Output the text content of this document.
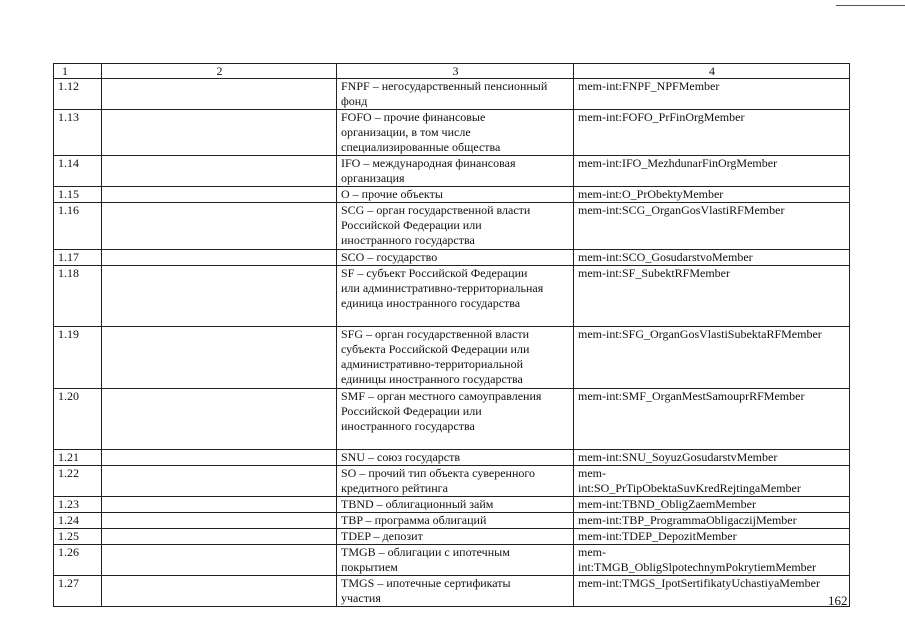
1	2	3	4
1.12		FNPF – негосударственный пенсионный
фонд	mem-int:FNPF_NPFMember
1.13		FOFO – прочие финансовые
организации, в том числе
специализированные общества	mem-int:FOFO_PrFinOrgMember
1.14		IFO – международная финансовая
организация	mem-int:IFO_MezhdunarFinOrgMember
1.15		O – прочие объекты	mem-int:O_PrObektyMember
1.16		SCG – орган государственной власти
Российской Федерации или
иностранного государства	mem-int:SCG_OrganGosVlastiRFMember
1.17		SCO – государство	mem-int:SCO_GosudarstvoMember
1.18		SF – субъект Российской Федерации
или административно-территориальная
единица иностранного государства	mem-int:SF_SubektRFMember
1.19		SFG – орган государственной власти
субъекта Российской Федерации или
административно-территориальной
единицы иностранного государства	mem-int:SFG_OrganGosVlastiSubektaRFMember
1.20		SMF – орган местного самоуправления
Российской Федерации или
иностранного государства	mem-int:SMF_OrganMestSamouprRFMember
1.21		SNU – союз государств	mem-int:SNU_SoyuzGosudarstvMember
1.22		SO – прочий тип объекта суверенного
кредитного рейтинга	mem-
int:SO_PrTipObektaSuvKredRejtingaMember
1.23		TBND – облигационный займ	mem-int:TBND_ObligZaemMember
1.24		TBP – программа облигаций	mem-int:TBP_ProgrammaObligaczijMember
1.25		TDEP – депозит	mem-int:TDEP_DepozitMember
1.26		TMGB – облигации с ипотечным
покрытием	mem-
int:TMGB_ObligSlpotechnymPokrytiemMember
1.27		TMGS – ипотечные сертификаты
участия	mem-int:TMGS_IpotSertifikatyUchastiyaMember
162
